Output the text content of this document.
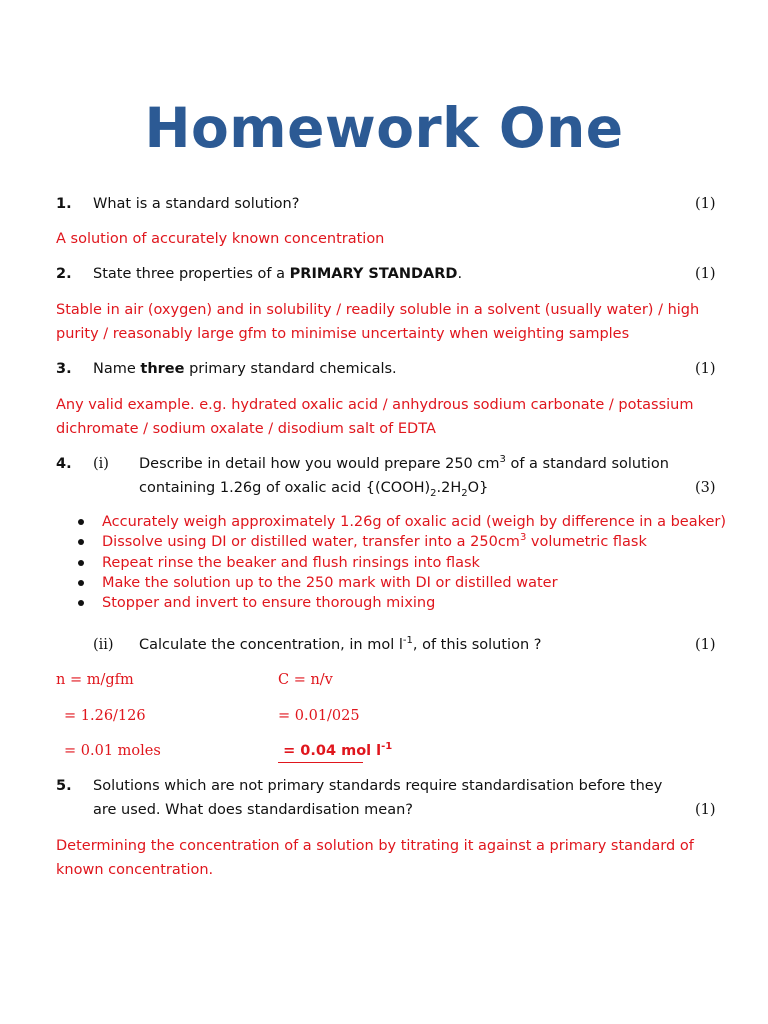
Homework One
1. What is a standard solution?	(1)
A solution of accurately known concentration
2. State three properties of a PRIMARY STANDARD.	(1)
Stable in air (oxygen) and in solubility / readily soluble in a solvent (usually water) / high
purity / reasonably large gfm to minimise uncertainty when weighting samples
3. Name three primary standard chemicals.	(1)
Any valid example. e.g. hydrated oxalic acid / anhydrous sodium carbonate / potassium
dichromate / sodium oxalate / disodium salt of EDTA
4. (i) Describe in detail how you would prepare 250 $cm^3$ of a standard solution
containing 1.26g of oxalic acid $\{(COOH)_2.2H_2O\}$	(3)
Accurately weigh approximately 1.26g of oxalic acid (weigh by difference in a beaker)
Dissolve using DI or distilled water, transfer into a $250cm^3$ volumetric flask
Repeat rinse the beaker and flush rinsings into flask
Make the solution up to the 250 mark with DI or distilled water
Stopper and invert to ensure thorough mixing
(ii) Calculate the concentration, in mol $l^{-1}$, of this solution ?	(1)
n = m/gfm	C = n/v
= 1.26/126	= 0.01/025
= 0.01 moles	= 0.04 mol $l^{-1}$
5. Solutions which are not primary standards require standardisation before they
are used. What does standardisation mean?	(1)
Determining the concentration of a solution by titrating it against a primary standard of
known concentration.
